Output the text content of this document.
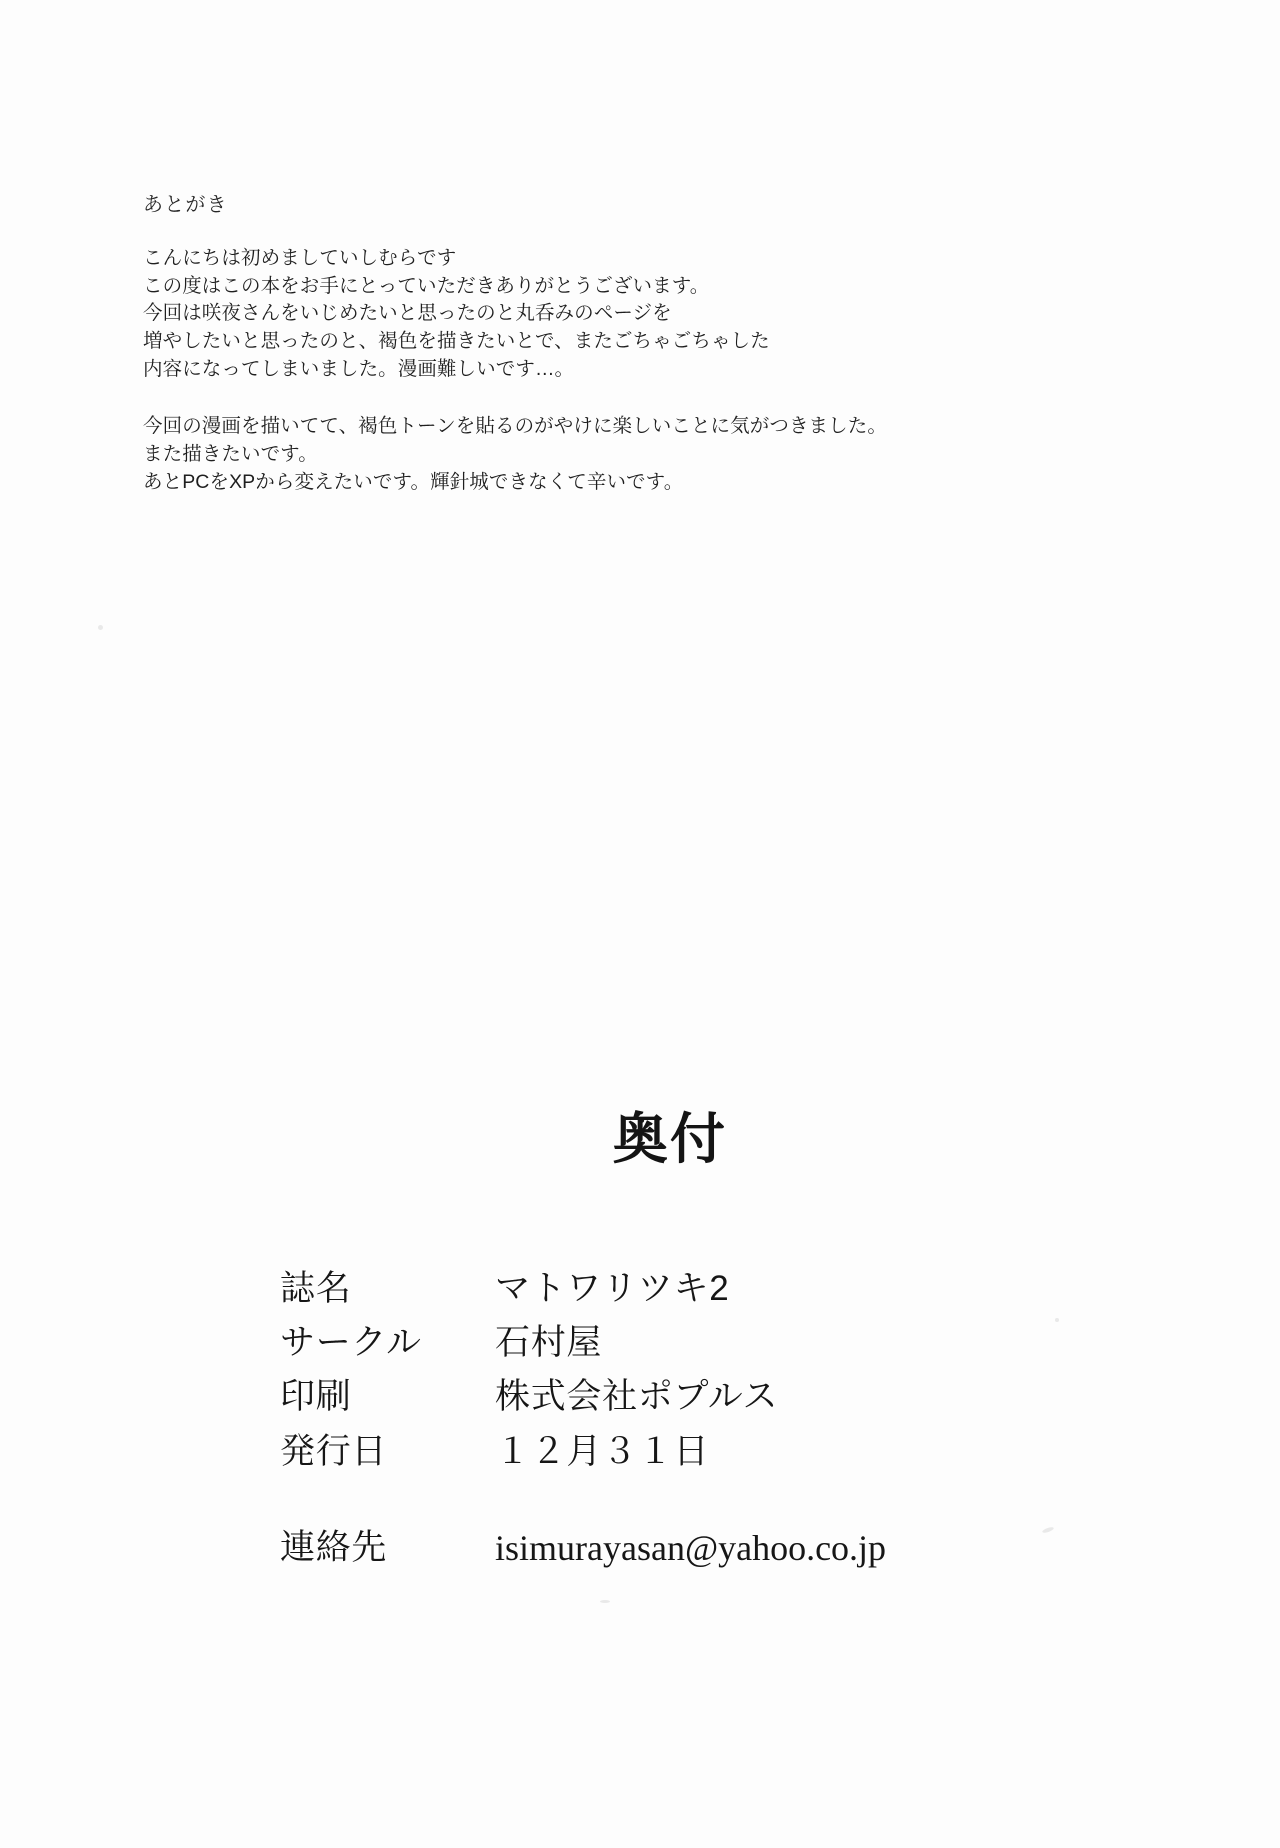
あとがき

こんにちは初めましていしむらです
この度はこの本をお手にとっていただきありがとうございます。
今回は咲夜さんをいじめたいと思ったのと丸呑みのページを
増やしたいと思ったのと、褐色を描きたいとで、またごちゃごちゃした
内容になってしまいました。漫画難しいです…。

今回の漫画を描いてて、褐色トーンを貼るのがやけに楽しいことに気がつきました。
また描きたいです。
あとPCをXPから変えたいです。輝針城できなくて辛いです。

奥付
誌名	マトワリツキ2
サークル	石村屋
印刷	株式会社ポプルス
発行日	１２月３１日
連絡先	isimurayasan@yahoo.co.jp
